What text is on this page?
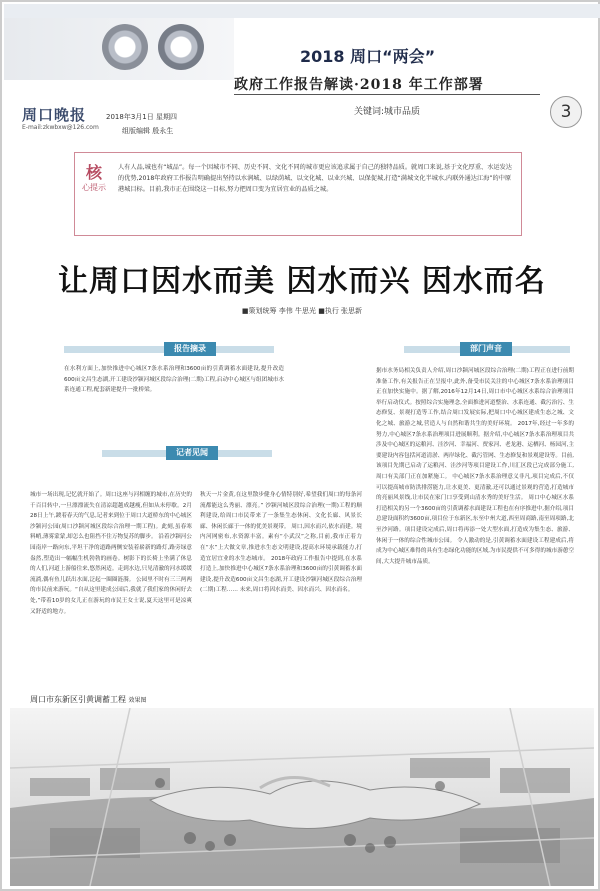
周口晚报
E-mail:zkwbxw@126.com
2018年3月1日 星期四
组版编辑 殷永生
2018 周口“两会”
政府工作报告解读·2018 年工作部署
关键词:城市品质	3
核
心提示
人有人品,城也有“城品”。每一个因城市不同、历史不同、文化不同的城市更应该追求属于自己的独特品质。就周口来说,基于文化厚重、水运发达的优势,2018年政府工作报告明确提出坚持以水润城、以绿荫城、以文化城、以业兴城、以保促城,打造“满城文化半城水,内联外通达江海”的中原港城目标。目前,我市正在围绕这一目标,努力把周口变为宜居宜业的品质之城。
让周口因水而美 因水而兴 因水而名
■策划统筹 李伟 牛思光 ■执行 张思新
报告摘录
在水利方面上,加快推进中心城区7条水系治理和3600亩的引黄调蓄水面建设,提升改造600亩文昌生态湖,开工建设沙颍河城区段综合治理(二期)工程,启动中心城区与组团城市水系连通工程,配套新建提升一批桥梁。
记者见闻
城市一场出现,记忆就开始了。周口这座与河相缠的城市,在历史的千百目转中,一旦漂漂流失在清凉超越成越瘦,但如从未停歇。2月28日上午,踱着春天的气息,记者来到位于周口大道桥东的中心城区沙颍河公园(周口沙颍河城区段综合治理一期工程)。此刻,虽春寒料峭,薄雾蒙蒙,却怎么也阻挡不住万物复苏的脚步。 沿着沙颍河公园南岸一路向东,平坦干净的道路两侧安装着崭新的路灯,路旁绿意盎然,塑造出一幅幅生机勃勃的画卷。树影下的长椅上坐满了休息的人们,河道上游船往来,悠然闲适。走到水边,只见清澈的河水缓缓流淌,偶有鱼儿跃出水面,泛起一圈圈涟漪。 公园里不时有三三两两的市民前来游玩。“自从这里建成公园后,我就了我们家的休闲好去处,”带着10岁的女儿正在游玩的市民王女士说,夏天这里可是凉爽又舒适的地方。
秋天一片金黄,在这里散步健身心情特别好,希望我们周口的每条河流都能这么秀丽、漂亮。” 沙颍河城区段综合治理(一期)工程的顺利建设,给周口市民带来了一条集生态休闲、文化长廊、风景长廊、休闲长廊于一体的优美景观带。 周口,因水而兴,依水而建。境内河网密布,水资源丰富。素有“小武汉”之称,目前,我市正着力在“水”上大做文章,推进水生态文明建设,提高水环境承载能力,打造宜居宜业的水生态城市。 2018年政府工作报告中提到,在水系打造上,加快推进中心城区7条水系治理和3600亩的引黄调蓄水面建设,提升改造600亩文昌生态湖,开工建设沙颍河城区段综合治理(二期)工程…… 未来,周口将因水而美、因水而兴、因水而名。
部门声音
据市水务局相关负责人介绍,周口沙颍河城区段综合治理(二期)工程正在进行前期准备工作,有关报告正在呈报中,此外,备受市民关注的中心城区7条水系治理项目正在加快实施中。据了解,2016年12月14日,周口市中心城区水系综合治理项目举行启动仪式。按照综合实施理念,全面推进河道整治、水系连通、截污治污、生态修复、景观打造等工作,结合周口发展实际,把周口中心城区建成生态之城、文化之城、旅游之城,营造人与自然和谐共生的美好环境。 2017年,经过一年多的努力,中心城区7条水系治理项目进展顺利。据介绍,中心城区7条水系治理项目共涉及中心城区的运粮河、洼沙河、幸福河、贾家河、老龙港、运栖河、杨园河,主要建设内容包括河道清淤、两岸绿化、截污管网、生态修复和景观建设等。目前,该项目先期已启动了运粮河、洼沙河等项目建设工作,川汇区段已完成部分施工,周口有关部门正在加紧施工。 中心城区7条水系治理意义非凡,项目完成后,不仅可以提高城市防洪排涝能力,让水更美、更清澈,还可以通过景观的营造,打造城市的亮丽风景线,让市民在家门口享受到山清水秀的美好生活。 周口中心城区水系打造相关的另一个3600亩的引黄调蓄水面建设工程也在有序推进中,据介绍,项目总建设面积约3600亩,项目位于东新区,东至中州大道,西至周商路,南至周项路,北至沙河路。项目建设完成后,周口将再添一处大型水面,打造成为集生态、旅游、休闲于一体的综合性城市公园。 令人激动的是,引黄调蓄水面建设工程建成后,将成为中心城区难得的具有生态绿化功能的区域,为市民提供不可多得的城市游憩空间,大大提升城市品质。
周口市东新区引黄调蓄工程 效果图
